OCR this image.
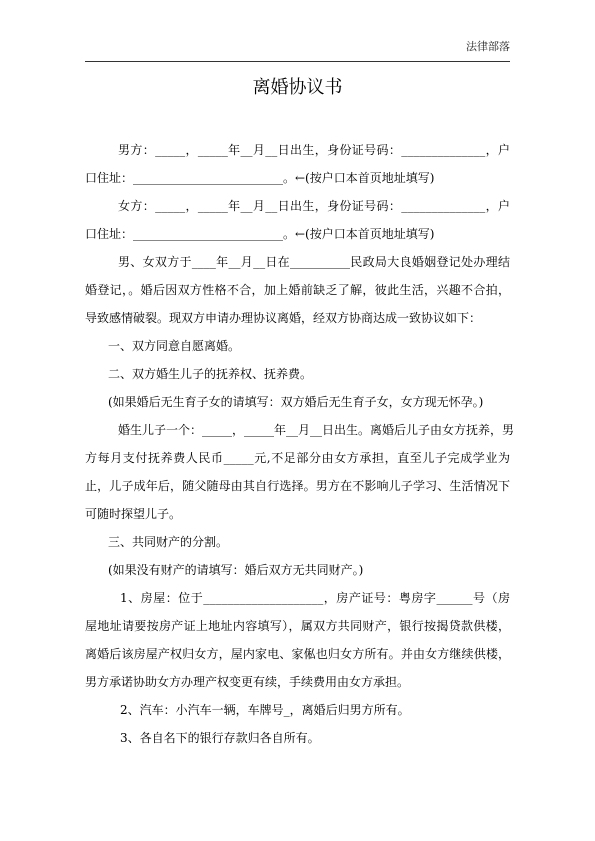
法律部落
离婚协议书
男方：_____，_____年__月__日出生，身份证号码：______________，户
口住址：_________________________。←(按户口本首页地址填写)
女方：_____，_____年__月__日出生，身份证号码：______________，户
口住址：_________________________。←(按户口本首页地址填写)
男、女双方于____年__月__日在__________民政局大良婚姻登记处办理结
婚登记，。婚后因双方性格不合，加上婚前缺乏了解，彼此生活，兴趣不合拍，
导致感情破裂。现双方申请办理协议离婚，经双方协商达成一致协议如下：
一、双方同意自愿离婚。
二、双方婚生儿子的抚养权、抚养费。
(如果婚后无生育子女的请填写：双方婚后无生育子女，女方现无怀孕。)
婚生儿子一个：_____，_____年__月__日出生。离婚后儿子由女方抚养，男
方每月支付抚养费人民币_____元,不足部分由女方承担，直至儿子完成学业为
止，儿子成年后，随父随母由其自行选择。男方在不影响儿子学习、生活情况下
可随时探望儿子。
三、共同财产的分割。
(如果没有财产的请填写：婚后双方无共同财产。)
1、房屋：位于____________________，房产证号：粤房字______号（房
屋地址请要按房产证上地址内容填写），属双方共同财产，银行按揭贷款供楼，
离婚后该房屋产权归女方，屋内家电、家俬也归女方所有。并由女方继续供楼，
男方承诺协助女方办理产权变更有续，手续费用由女方承担。
2、汽车：小汽车一辆，车牌号_，离婚后归男方所有。
3、各自名下的银行存款归各自所有。
